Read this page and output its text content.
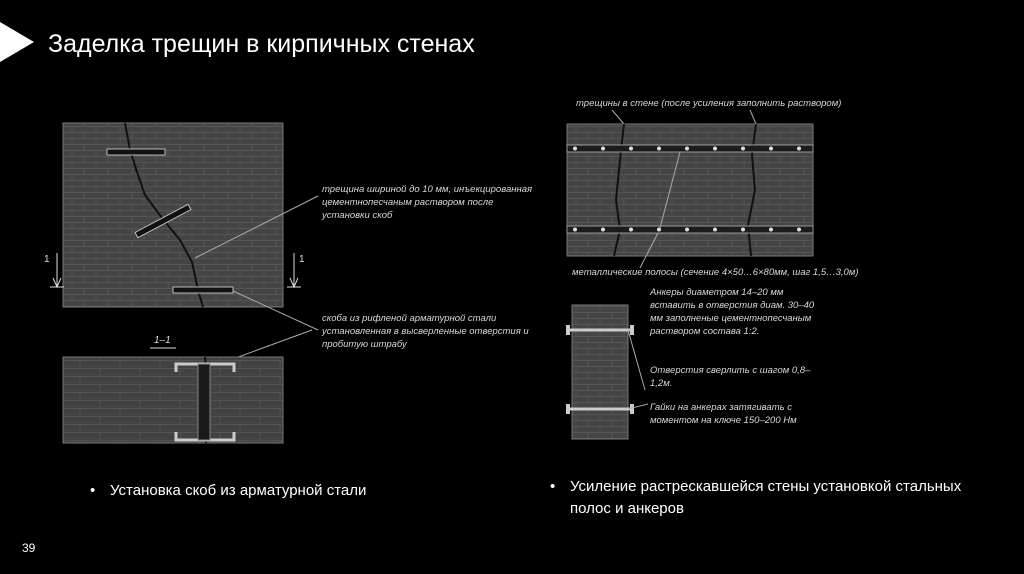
Заделка трещин в кирпичных стенах
1	1
1–1
трещина шириной до 10 мм, инъекцированная цементнопесчаным раствором после установки скоб
скоба из рифленой арматурной стали установленная в высверленные отверстия и пробитую штрабу
трещины в стене (после усиления заполнить раствором)
металлические полосы (сечение 4×50…6×80мм, шаг 1,5…3,0м)
Анкеры диаметром 14–20 мм вставить в отверстия диам. 30–40 мм заполненые цементнопесчаным раствором состава 1:2.
Отверстия сверлить с шагом 0,8–1,2м.
Гайки на анкерах затягивать с моментом на ключе 150–200 Нм
• Установка скоб из арматурной стали	• Усиление растрескавшейся стены установкой стальных полос и анкеров
39
